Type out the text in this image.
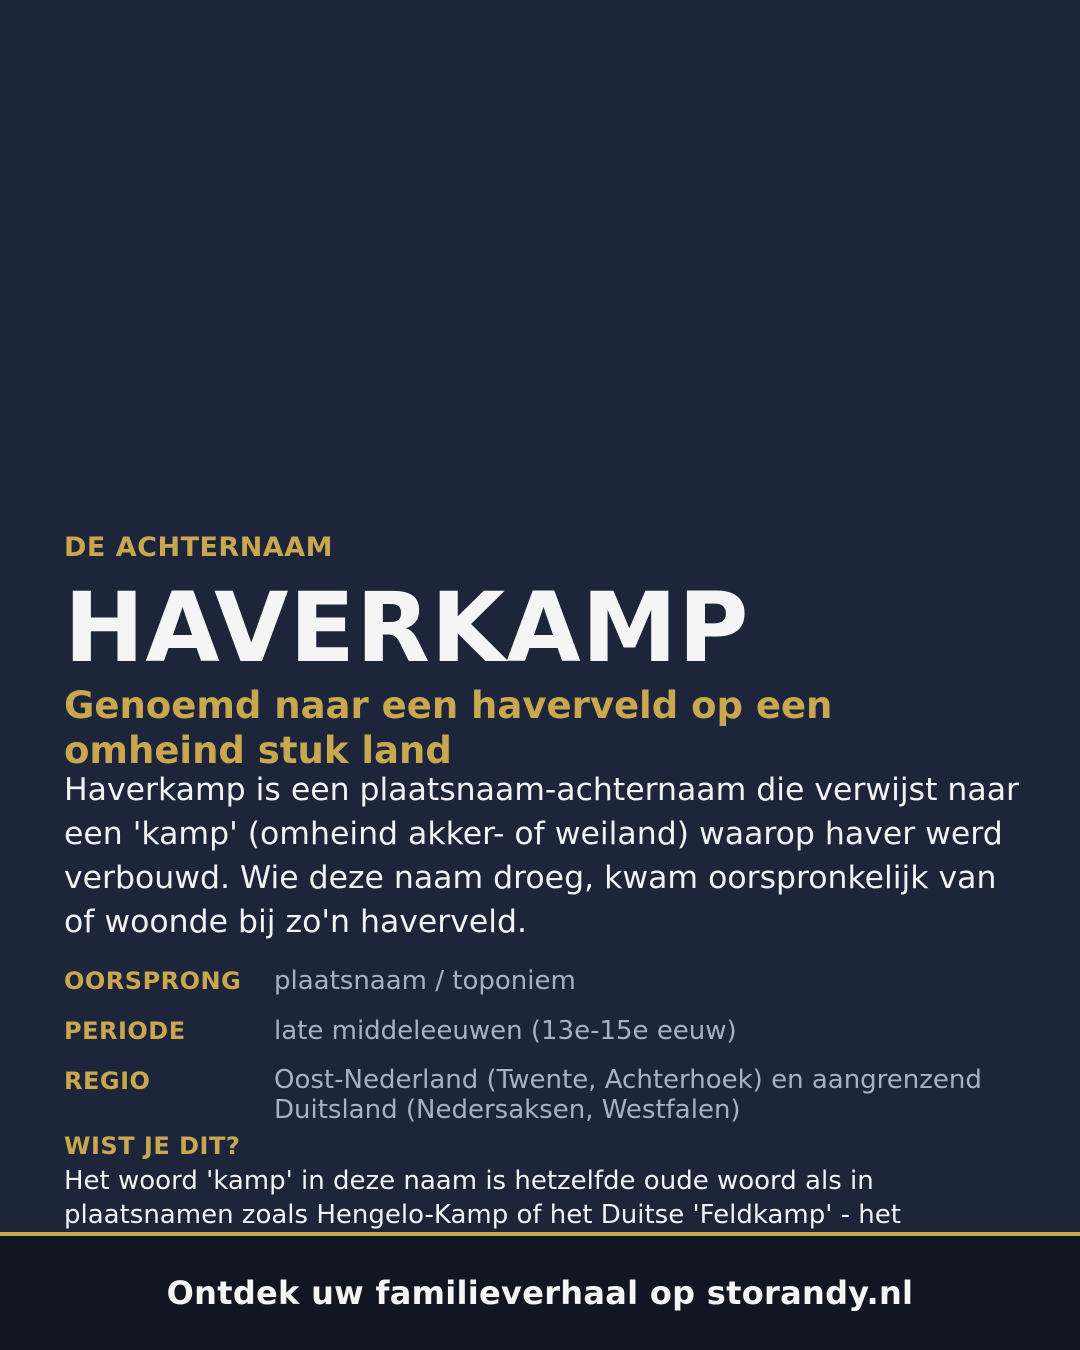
DE ACHTERNAAM
HAVERKAMP
Genoemd naar een haverveld op een omheind stuk land
Haverkamp is een plaatsnaam-achternaam die verwijst naar een 'kamp' (omheind akker- of weiland) waarop haver werd verbouwd. Wie deze naam droeg, kwam oorspronkelijk van of woonde bij zo'n haverveld.
OORSPRONG	plaatsnaam / toponiem
PERIODE	late middeleeuwen (13e-15e eeuw)
REGIO	Oost-Nederland (Twente, Achterhoek) en aangrenzend Duitsland (Nedersaksen, Westfalen)
WIST JE DIT?
Het woord 'kamp' in deze naam is hetzelfde oude woord als in plaatsnamen zoals Hengelo-Kamp of het Duitse 'Feldkamp' - het
Ontdek uw familieverhaal op storandy.nl
